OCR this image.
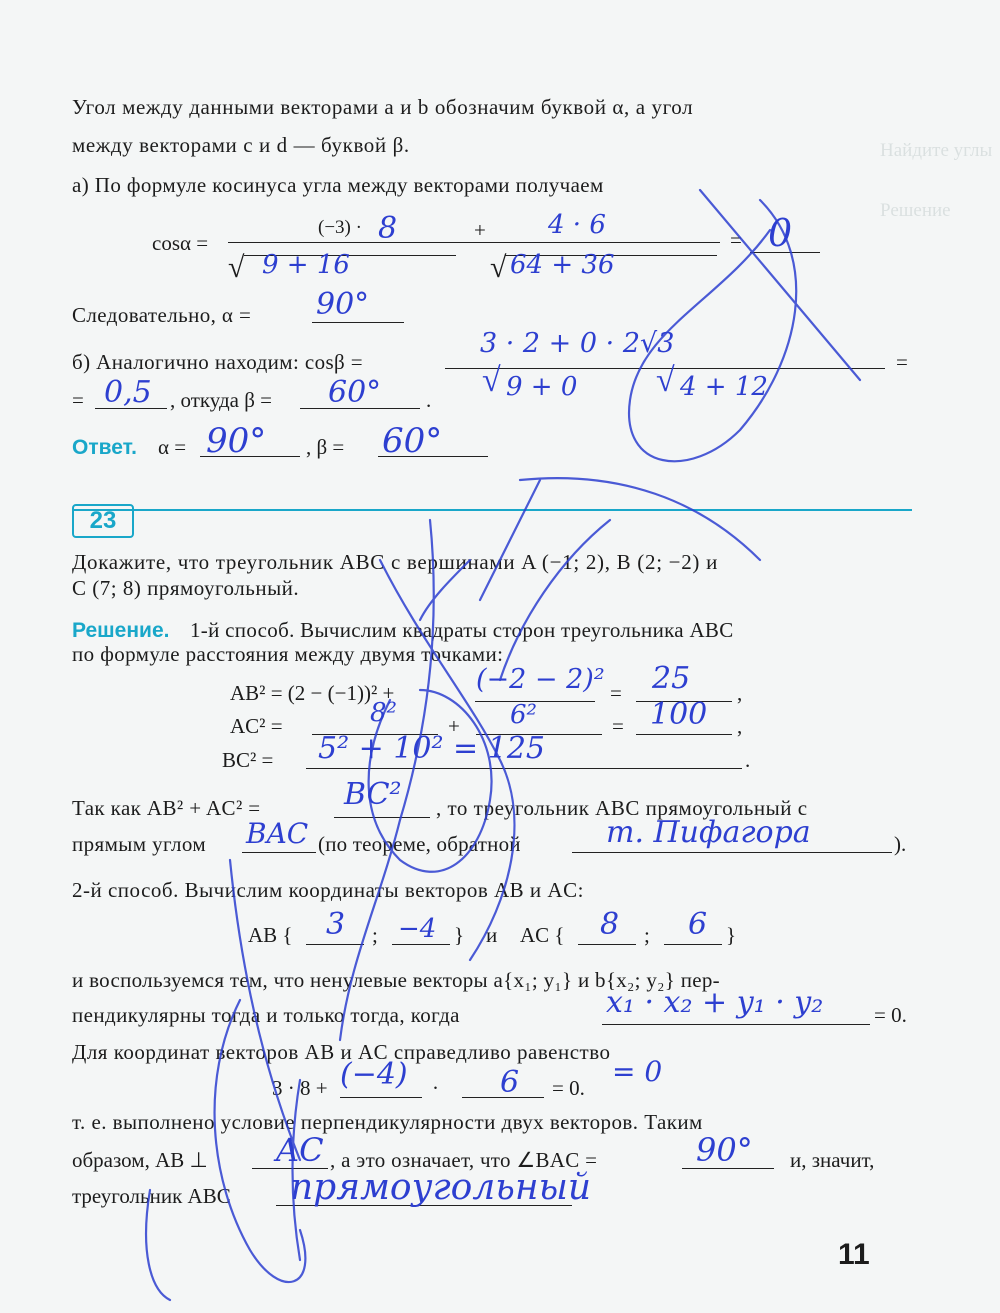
Найдите углы
Решение
Угол между данными векторами a и b обозначим буквой α, а угол
между векторами c и d — буквой β.
а) По формуле косинуса угла между векторами получаем
cosα =
(−3) ·	+	=
√	√
8	4 · 6
9 + 16	64 + 36
0
Следовательно, α = 90°
б) Аналогично находим: cosβ =	=
=	, откуда β =	.
3 · 2 + 0 · 2√3
√ 9 + 0 √ 4 + 12
0,5	60°
Ответ. α =	, β =
90°	60°
23
Докажите, что треугольник ABC с вершинами A (−1; 2), B (2; −2) и
C (7; 8) прямоугольный.
Решение. 1-й способ. Вычислим квадраты сторон треугольника ABC
по формуле расстояния между двумя точками:
AB² = (2 − (−1))² +	=	,
AC² =	+	=	,
BC² =	.
(−2 − 2)² 25
8²	6²	100
5² + 10² = 125
Так как AB² + AC² =	, то треугольник ABC прямоугольный с
BC²
прямым углом	(по теореме, обратной	).
BAC	т. Пифагора
2-й способ. Вычислим координаты векторов AB и AC:
AB {	;	} и AC {	;	}
3 −4	8 6
и воспользуемся тем, что ненулевые векторы a{x₁; y₁} и b{x₂; y₂} пер-
пендикулярны тогда и только тогда, когда	= 0.
x₁ · x₂ + y₁ · y₂
Для координат векторов AB и AC справедливо равенство
3 · 8 +	·	= 0.
(−4)	6	= 0
т. е. выполнено условие перпендикулярности двух векторов. Таким
образом, AB ⊥	, а это означает, что ∠BAC =	и, значит,
AC	90°
треугольник ABC прямоугольный
11
